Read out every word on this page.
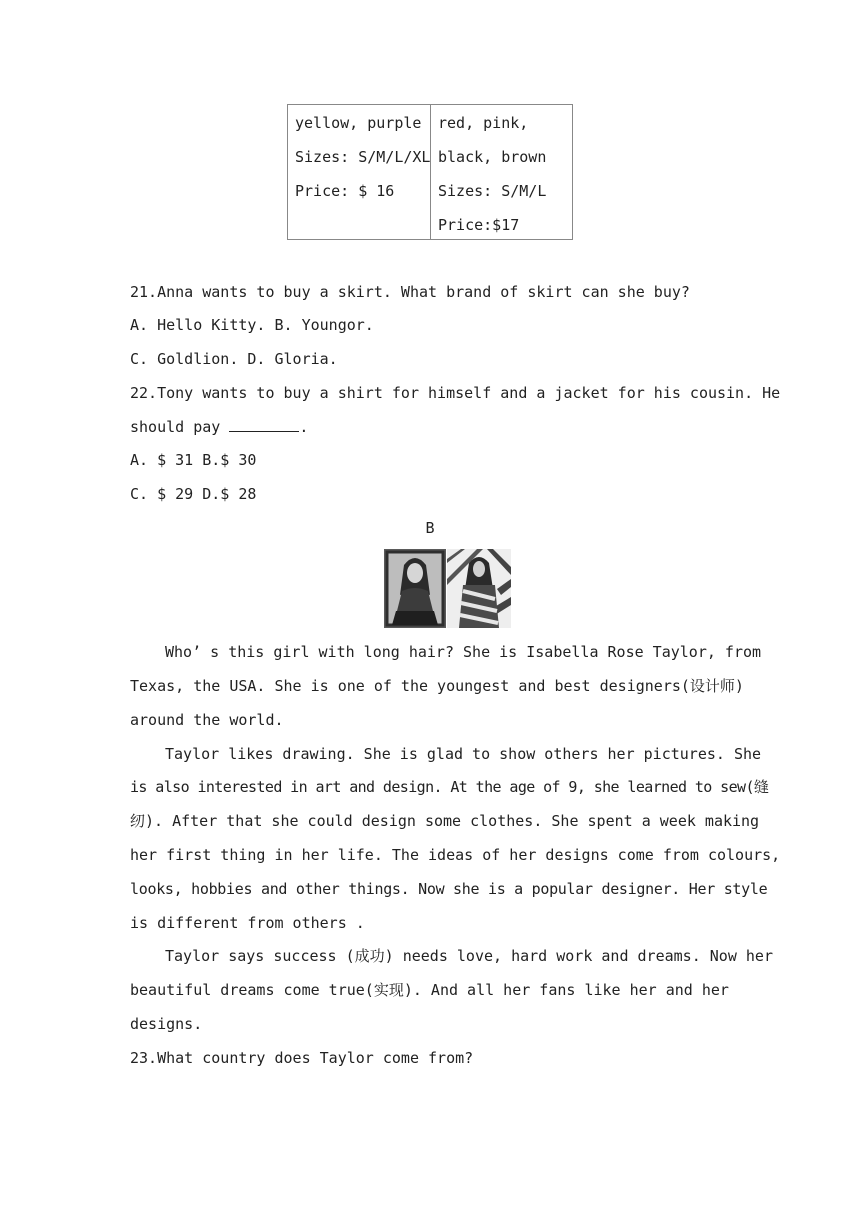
yellow, purple
Sizes: S/M/L/XL
Price: $ 16
red, pink,
black, brown
Sizes: S/M/L
Price:$17
21.Anna wants to buy a skirt. What brand of skirt can she buy?
A. Hello Kitty. B. Youngor.
C. Goldlion. D. Gloria.
22.Tony wants to buy a shirt for himself and a jacket for his cousin. He
should pay	.
A. $ 31 B.$ 30
C. $ 29 D.$ 28
B
Who’ s this girl with long hair? She is Isabella Rose Taylor, from
Texas, the USA. She is one of the youngest and best designers(设计师)
around the world.
Taylor likes drawing. She is glad to show others her pictures. She
is also interested in art and design. At the age of 9, she learned to sew(缝
纫). After that she could design some clothes. She spent a week making
her first thing in her life. The ideas of her designs come from colours,
looks, hobbies and other things. Now she is a popular designer. Her style
is different from others .
Taylor says success (成功) needs love, hard work and dreams. Now her
beautiful dreams come true(实现). And all her fans like her and her
designs.
23.What country does Taylor come from?
